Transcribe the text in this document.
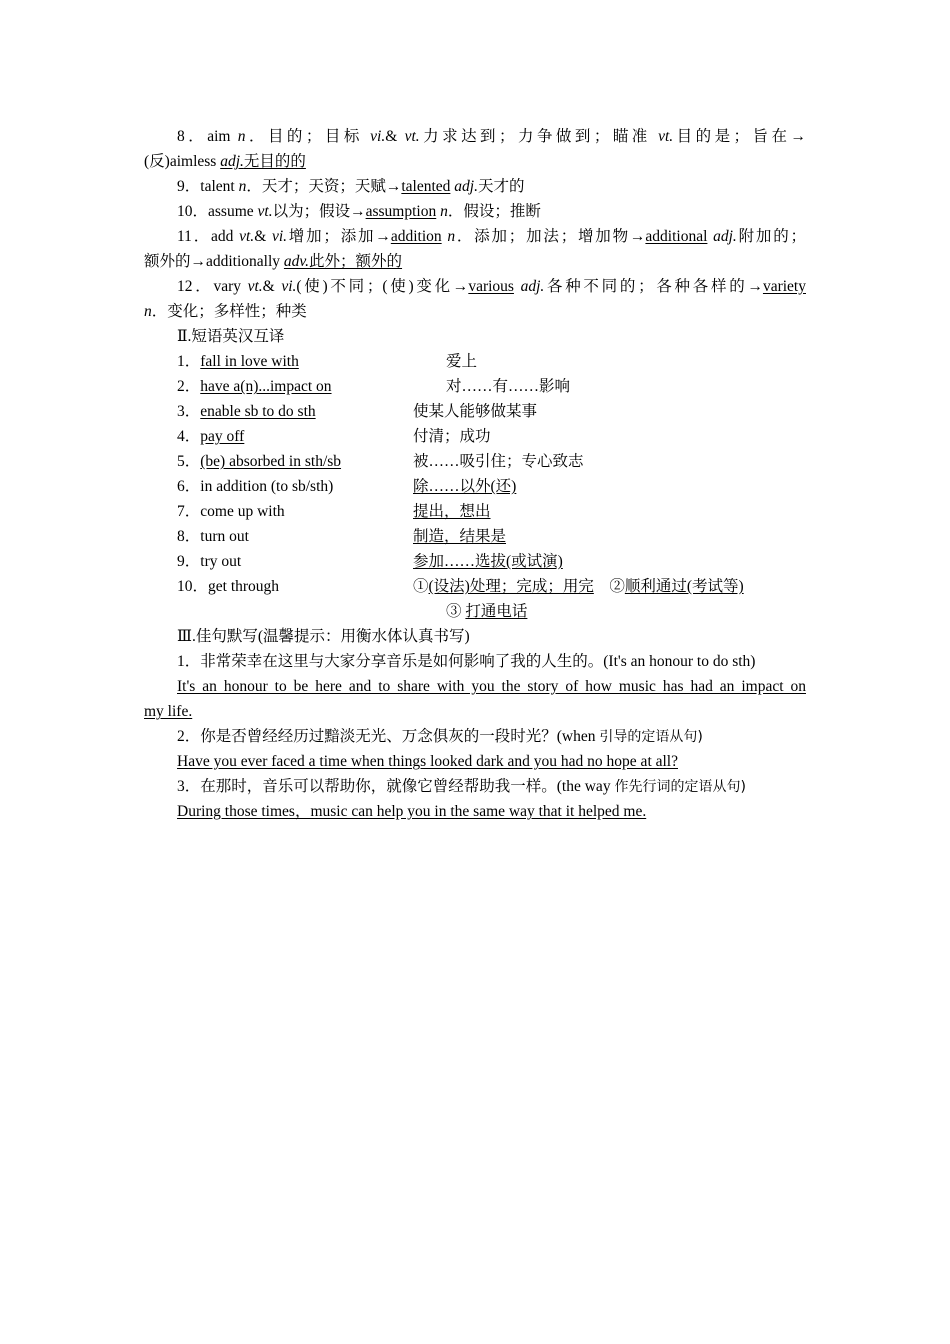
8．aim n．目的；目标 vi.& vt.力求达到；力争做到；瞄准 vt.目的是；旨在→
(反)aimless adj.无目的的
9．talent n．天才；天资；天赋→talented adj.天才的
10．assume vt.以为；假设→assumption n．假设；推断
11．add vt.& vi.增加；添加→addition n．添加；加法；增加物→additional adj.附加的；
额外的→additionally adv.此外；额外的
12．vary vt.& vi.(使)不同；(使)变化→various adj.各种不同的；各种各样的→variety
n．变化；多样性；种类
Ⅱ.短语英汉互译
1．fall in love with	爱上
2．have a(n)...impact on	对……有……影响
3．enable sb to do sth	使某人能够做某事
4．pay off	付清；成功
5．(be) absorbed in sth/sb	被……吸引住；专心致志
6．in addition (to sb/sth)	除……以外(还)
7．come up with	提出，想出
8．turn out	制造，结果是
9．try out	参加……选拔(或试演)
10．get through	①(设法)处理；完成；用完 ②顺利通过(考试等)
③ 打通电话
Ⅲ.佳句默写(温馨提示：用衡水体认真书写)
1．非常荣幸在这里与大家分享音乐是如何影响了我的人生的。(It's an honour to do sth)
It's an honour to be here and to share with you the story of how music has had an impact on
my life.
2．你是否曾经经历过黯淡无光、万念俱灰的一段时光？(when 引导的定语从句)
Have you ever faced a time when things looked dark and you had no hope at all?
3．在那时，音乐可以帮助你，就像它曾经帮助我一样。(the way 作先行词的定语从句)
During those times，music can help you in the same way that it helped me.
